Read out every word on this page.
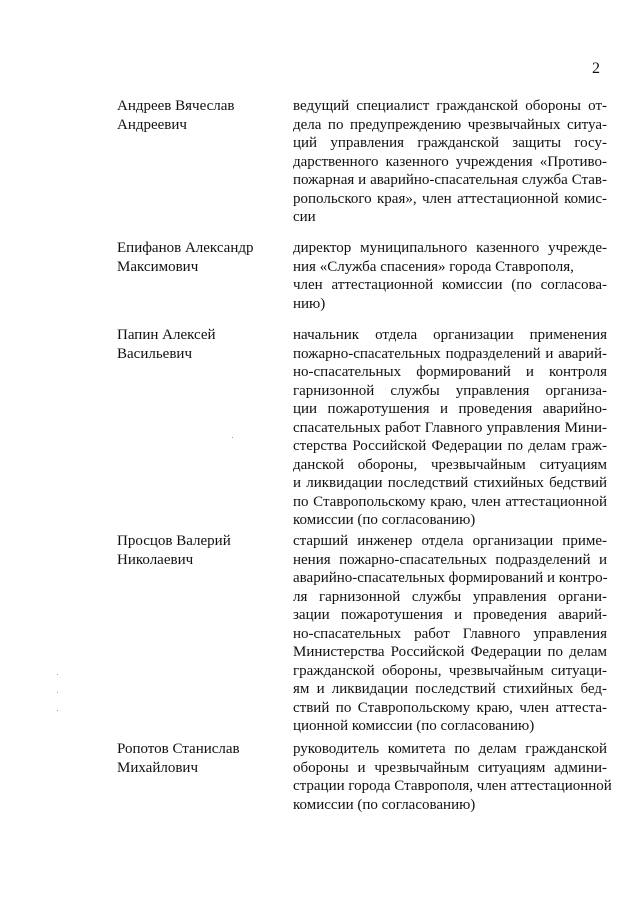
2
Андреев Вячеслав
Андреевич
ведущий специалист гражданской обороны от-
дела по предупреждению чрезвычайных ситуа-
ций управления гражданской защиты госу-
дарственного казенного учреждения «Противо-
пожарная и аварийно-спасательная служба Став-
ропольского края», член аттестационной комис-
сии
Епифанов Александр
Максимович
директор муниципального казенного учрежде-
ния «Служба спасения» города Ставрополя,
член аттестационной комиссии (по согласова-
нию)
Папин Алексей
Васильевич
начальник отдела организации применения
пожарно-спасательных подразделений и аварий-
но-спасательных формирований и контроля
гарнизонной службы управления организа-
ции пожаротушения и проведения аварийно-
спасательных работ Главного управления Мини-
стерства Российской Федерации по делам граж-
данской обороны, чрезвычайным ситуациям
и ликвидации последствий стихийных бедствий
по Ставропольскому краю, член аттестационной
комиссии (по согласованию)
Просцов Валерий
Николаевич
старший инженер отдела организации приме-
нения пожарно-спасательных подразделений и
аварийно-спасательных формирований и контро-
ля гарнизонной службы управления органи-
зации пожаротушения и проведения аварий-
но-спасательных работ Главного управления
Министерства Российской Федерации по делам
гражданской обороны, чрезвычайным ситуаци-
ям и ликвидации последствий стихийных бед-
ствий по Ставропольскому краю, член аттеста-
ционной комиссии (по согласованию)
Ропотов Станислав
Михайлович
руководитель комитета по делам гражданской
обороны и чрезвычайным ситуациям админи-
страции города Ставрополя, член аттестационной
комиссии (по согласованию)
